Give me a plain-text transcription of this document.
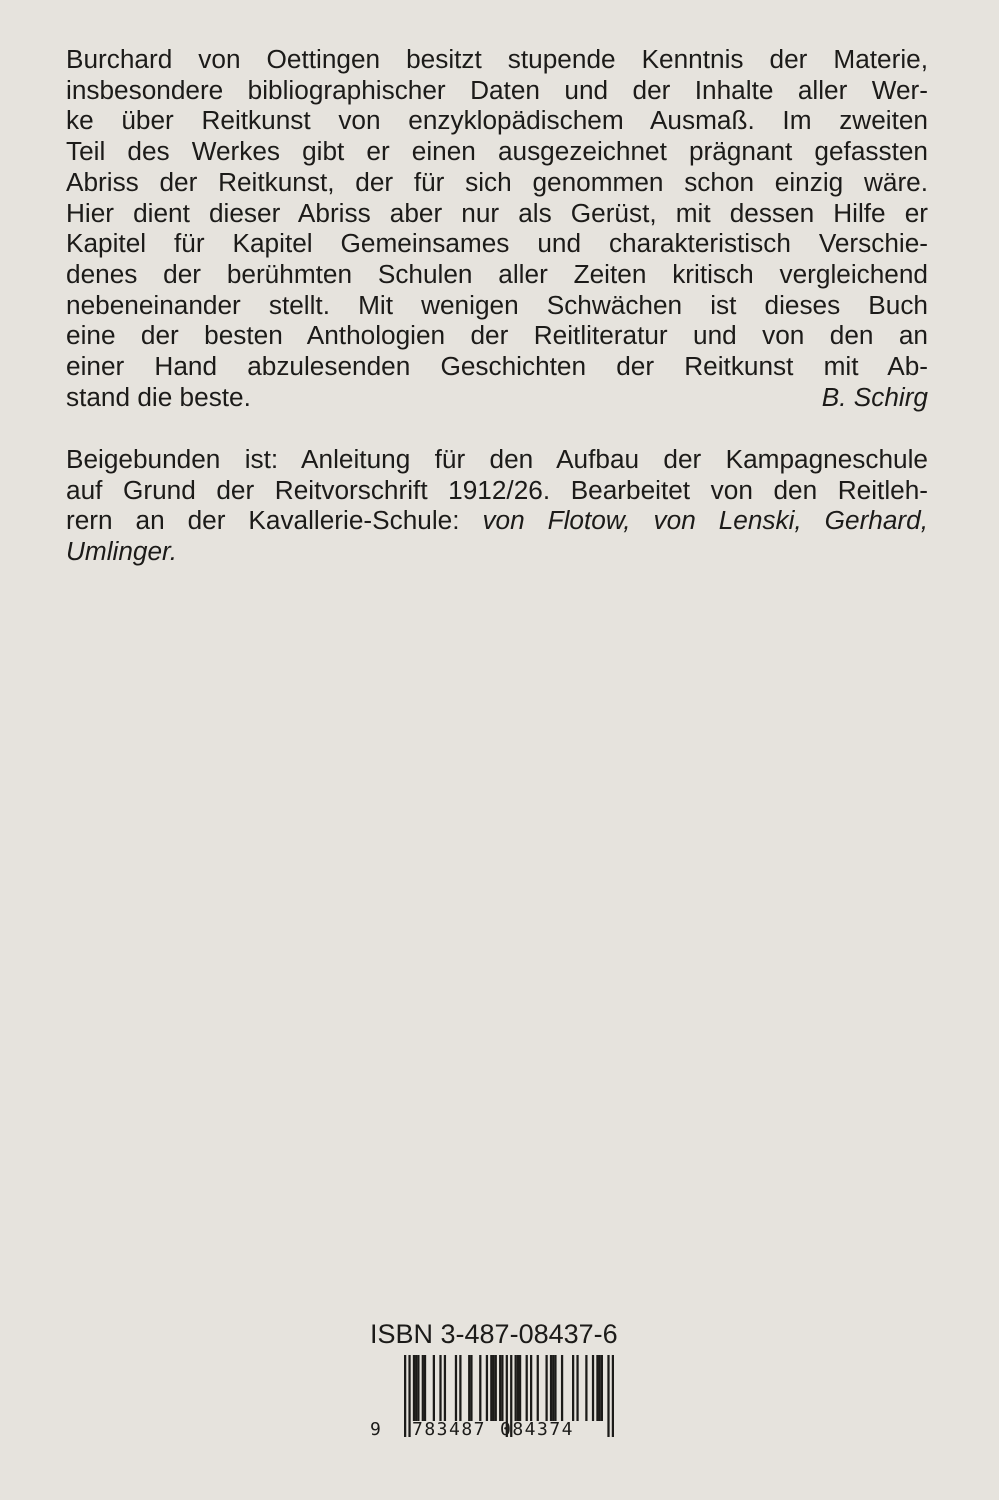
Burchard von Oettingen besitzt stupende Kenntnis der Materie,
insbesondere bibliographischer Daten und der Inhalte aller Wer-
ke über Reitkunst von enzyklopädischem Ausmaß. Im zweiten
Teil des Werkes gibt er einen ausgezeichnet prägnant gefassten
Abriss der Reitkunst, der für sich genommen schon einzig wäre.
Hier dient dieser Abriss aber nur als Gerüst, mit dessen Hilfe er
Kapitel für Kapitel Gemeinsames und charakteristisch Verschie-
denes der berühmten Schulen aller Zeiten kritisch vergleichend
nebeneinander stellt. Mit wenigen Schwächen ist dieses Buch
eine der besten Anthologien der Reitliteratur und von den an
einer Hand abzulesenden Geschichten der Reitkunst mit Ab-
stand die beste.	B. Schirg
Beigebunden ist: Anleitung für den Aufbau der Kampagneschule
auf Grund der Reitvorschrift 1912/26. Bearbeitet von den Reitleh-
rern an der Kavallerie-Schule: von Flotow, von Lenski, Gerhard,
Umlinger.
ISBN 3-487-08437-6
9 783487 084374
